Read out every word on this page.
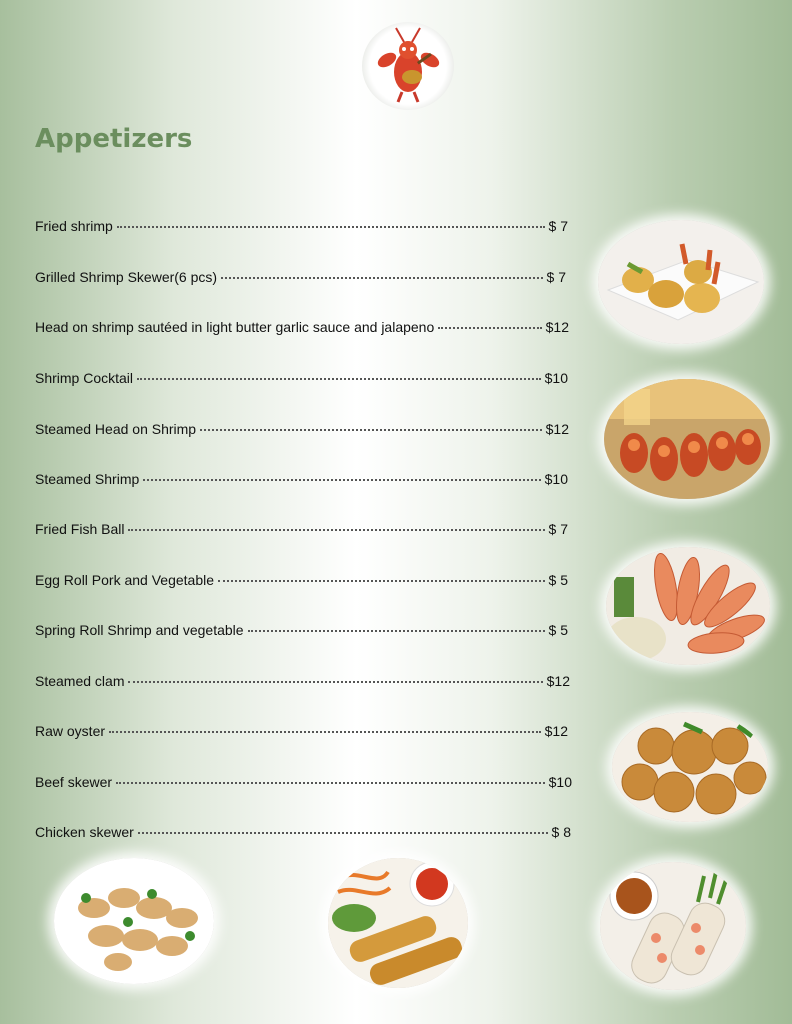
Appetizers
Fried shrimp	$ 7
Grilled Shrimp Skewer(6 pcs)	$ 7
Head on shrimp sautéed in light butter garlic sauce and jalapeno	$12
Shrimp Cocktail	$10
Steamed Head on Shrimp	$12
Steamed Shrimp	$10
Fried Fish Ball	$ 7
Egg Roll Pork and Vegetable	$ 5
Spring Roll Shrimp and vegetable	$ 5
Steamed clam	$12
Raw oyster	$12
Beef skewer	$10
Chicken skewer	$ 8
